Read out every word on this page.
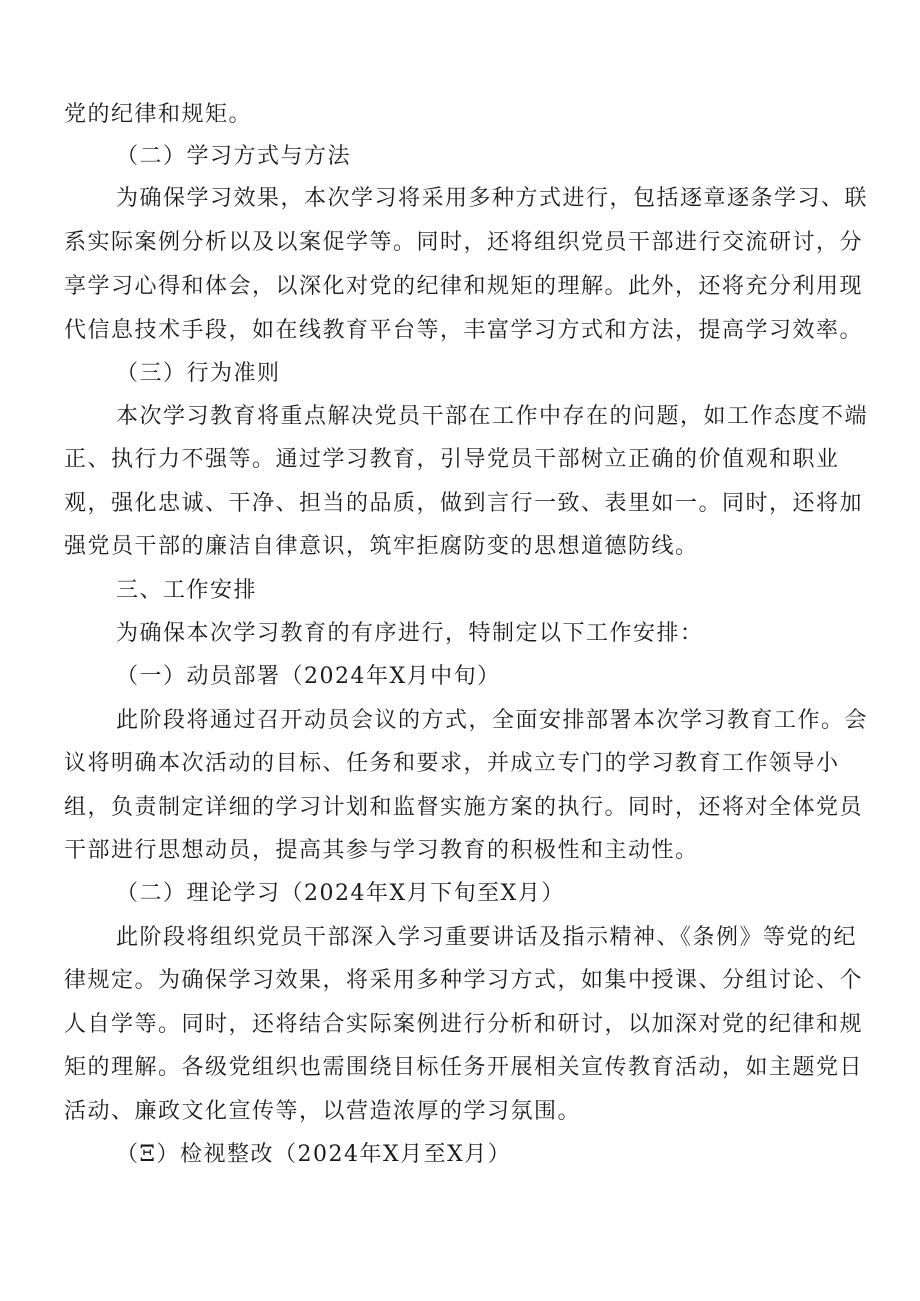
党的纪律和规矩。
（二）学习方式与方法
为确保学习效果，本次学习将采用多种方式进行，包括逐章逐条学习、联
系实际案例分析以及以案促学等。同时，还将组织党员干部进行交流研讨，分
享学习心得和体会，以深化对党的纪律和规矩的理解。此外，还将充分利用现
代信息技术手段，如在线教育平台等，丰富学习方式和方法，提高学习效率。
（三）行为准则
本次学习教育将重点解决党员干部在工作中存在的问题，如工作态度不端
正、执行力不强等。通过学习教育，引导党员干部树立正确的价值观和职业
观，强化忠诚、干净、担当的品质，做到言行一致、表里如一。同时，还将加
强党员干部的廉洁自律意识，筑牢拒腐防变的思想道德防线。
三、工作安排
为确保本次学习教育的有序进行，特制定以下工作安排：
（一）动员部署（2024年X月中旬）
此阶段将通过召开动员会议的方式，全面安排部署本次学习教育工作。会
议将明确本次活动的目标、任务和要求，并成立专门的学习教育工作领导小
组，负责制定详细的学习计划和监督实施方案的执行。同时，还将对全体党员
干部进行思想动员，提高其参与学习教育的积极性和主动性。
（二）理论学习（2024年X月下旬至X月）
此阶段将组织党员干部深入学习重要讲话及指示精神、《条例》等党的纪
律规定。为确保学习效果，将采用多种学习方式，如集中授课、分组讨论、个
人自学等。同时，还将结合实际案例进行分析和研讨，以加深对党的纪律和规
矩的理解。各级党组织也需围绕目标任务开展相关宣传教育活动，如主题党日
活动、廉政文化宣传等，以营造浓厚的学习氛围。
（Ξ）检视整改（2024年X月至X月）
